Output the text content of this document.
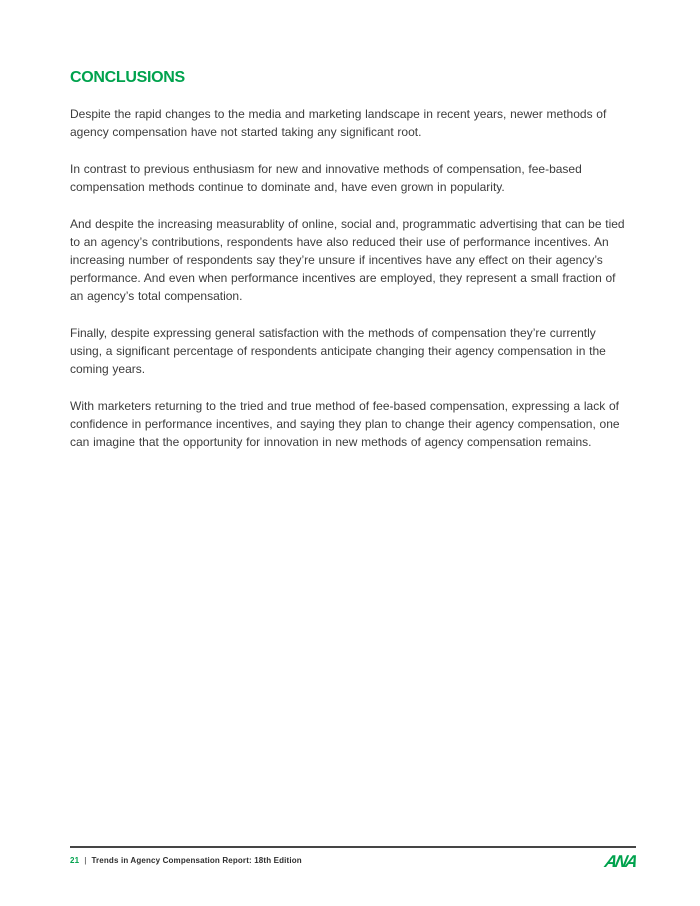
CONCLUSIONS

Despite the rapid changes to the media and marketing landscape in recent years, newer methods of agency compensation have not started taking any significant root.

In contrast to previous enthusiasm for new and innovative methods of compensation, fee-based compensation methods continue to dominate and, have even grown in popularity.

And despite the increasing measurablity of online, social and, programmatic advertising that can be tied to an agency’s contributions, respondents have also reduced their use of performance incentives. An increasing number of respondents say they’re unsure if incentives have any effect on their agency’s performance. And even when performance incentives are employed, they represent a small fraction of an agency’s total compensation.

Finally, despite expressing general satisfaction with the methods of compensation they’re currently using, a significant percentage of respondents anticipate changing their agency compensation in the coming years.

With marketers returning to the tried and true method of fee-based compensation, expressing a lack of confidence in performance incentives, and saying they plan to change their agency compensation, one can imagine that the opportunity for innovation in new methods of agency compensation remains.

21 | Trends in Agency Compensation Report: 18th Edition	ANA
